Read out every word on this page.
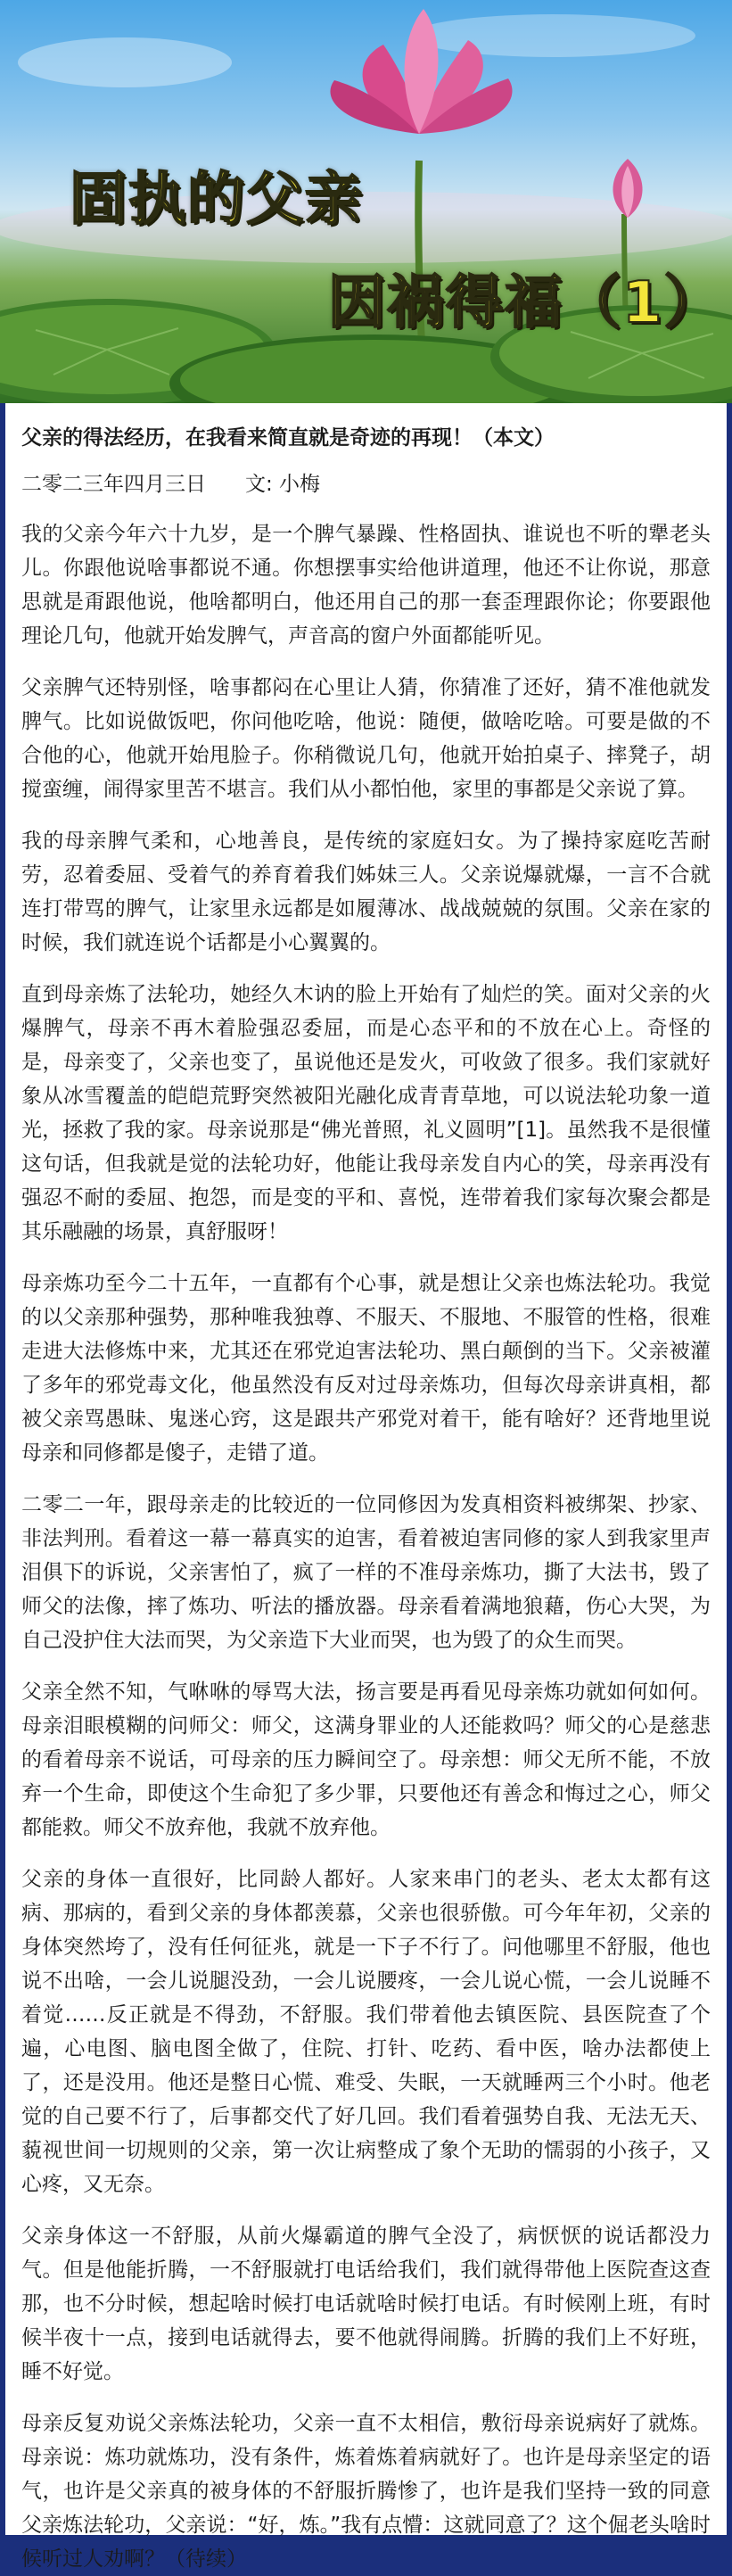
固执的父亲
因祸得福（1）

父亲的得法经历，在我看来简直就是奇迹的再现！（本文）

二零二三年四月三日 文: 小梅

我的父亲今年六十九岁，是一个脾气暴躁、性格固执、谁说也不听的犟老头儿。你跟他说啥事都说不通。你想摆事实给他讲道理，他还不让你说，那意思就是甭跟他说，他啥都明白，他还用自己的那一套歪理跟你论；你要跟他理论几句，他就开始发脾气，声音高的窗户外面都能听见。

父亲脾气还特别怪，啥事都闷在心里让人猜，你猜准了还好，猜不准他就发脾气。比如说做饭吧，你问他吃啥，他说：随便，做啥吃啥。可要是做的不合他的心，他就开始甩脸子。你稍微说几句，他就开始拍桌子、摔凳子，胡搅蛮缠，闹得家里苦不堪言。我们从小都怕他，家里的事都是父亲说了算。

我的母亲脾气柔和，心地善良，是传统的家庭妇女。为了操持家庭吃苦耐劳，忍着委屈、受着气的养育着我们姊妹三人。父亲说爆就爆，一言不合就连打带骂的脾气，让家里永远都是如履薄冰、战战兢兢的氛围。父亲在家的时候，我们就连说个话都是小心翼翼的。

直到母亲炼了法轮功，她经久木讷的脸上开始有了灿烂的笑。面对父亲的火爆脾气，母亲不再木着脸强忍委屈，而是心态平和的不放在心上。奇怪的是，母亲变了，父亲也变了，虽说他还是发火，可收敛了很多。我们家就好象从冰雪覆盖的皑皑荒野突然被阳光融化成青青草地，可以说法轮功象一道光，拯救了我的家。母亲说那是“佛光普照，礼义圆明”[1]。虽然我不是很懂这句话，但我就是觉的法轮功好，他能让我母亲发自内心的笑，母亲再没有强忍不耐的委屈、抱怨，而是变的平和、喜悦，连带着我们家每次聚会都是其乐融融的场景，真舒服呀！

母亲炼功至今二十五年，一直都有个心事，就是想让父亲也炼法轮功。我觉的以父亲那种强势，那种唯我独尊、不服天、不服地、不服管的性格，很难走进大法修炼中来，尤其还在邪党迫害法轮功、黑白颠倒的当下。父亲被灌了多年的邪党毒文化，他虽然没有反对过母亲炼功，但每次母亲讲真相，都被父亲骂愚昧、鬼迷心窍，这是跟共产邪党对着干，能有啥好？还背地里说母亲和同修都是傻子，走错了道。

二零二一年，跟母亲走的比较近的一位同修因为发真相资料被绑架、抄家、非法判刑。看着这一幕一幕真实的迫害，看着被迫害同修的家人到我家里声泪俱下的诉说，父亲害怕了，疯了一样的不准母亲炼功，撕了大法书，毁了师父的法像，摔了炼功、听法的播放器。母亲看着满地狼藉，伤心大哭，为自己没护住大法而哭，为父亲造下大业而哭，也为毁了的众生而哭。

父亲全然不知，气咻咻的辱骂大法，扬言要是再看见母亲炼功就如何如何。母亲泪眼模糊的问师父：师父，这满身罪业的人还能救吗？师父的心是慈悲的看着母亲不说话，可母亲的压力瞬间空了。母亲想：师父无所不能，不放弃一个生命，即使这个生命犯了多少罪，只要他还有善念和悔过之心，师父都能救。师父不放弃他，我就不放弃他。

父亲的身体一直很好，比同龄人都好。人家来串门的老头、老太太都有这病、那病的，看到父亲的身体都羡慕，父亲也很骄傲。可今年年初，父亲的身体突然垮了，没有任何征兆，就是一下子不行了。问他哪里不舒服，他也说不出啥，一会儿说腿没劲，一会儿说腰疼，一会儿说心慌，一会儿说睡不着觉……反正就是不得劲，不舒服。我们带着他去镇医院、县医院查了个遍，心电图、脑电图全做了，住院、打针、吃药、看中医，啥办法都使上了，还是没用。他还是整日心慌、难受、失眠，一天就睡两三个小时。他老觉的自己要不行了，后事都交代了好几回。我们看着强势自我、无法无天、藐视世间一切规则的父亲，第一次让病整成了象个无助的懦弱的小孩子，又心疼，又无奈。

父亲身体这一不舒服，从前火爆霸道的脾气全没了，病恹恹的说话都没力气。但是他能折腾，一不舒服就打电话给我们，我们就得带他上医院查这查那，也不分时候，想起啥时候打电话就啥时候打电话。有时候刚上班，有时候半夜十一点，接到电话就得去，要不他就得闹腾。折腾的我们上不好班，睡不好觉。

母亲反复劝说父亲炼法轮功，父亲一直不太相信，敷衍母亲说病好了就炼。母亲说：炼功就炼功，没有条件，炼着炼着病就好了。也许是母亲坚定的语气，也许是父亲真的被身体的不舒服折腾惨了，也许是我们坚持一致的同意父亲炼法轮功，父亲说：“好，炼。”我有点懵：这就同意了？这个倔老头啥时候听过人劝啊？（待续）
